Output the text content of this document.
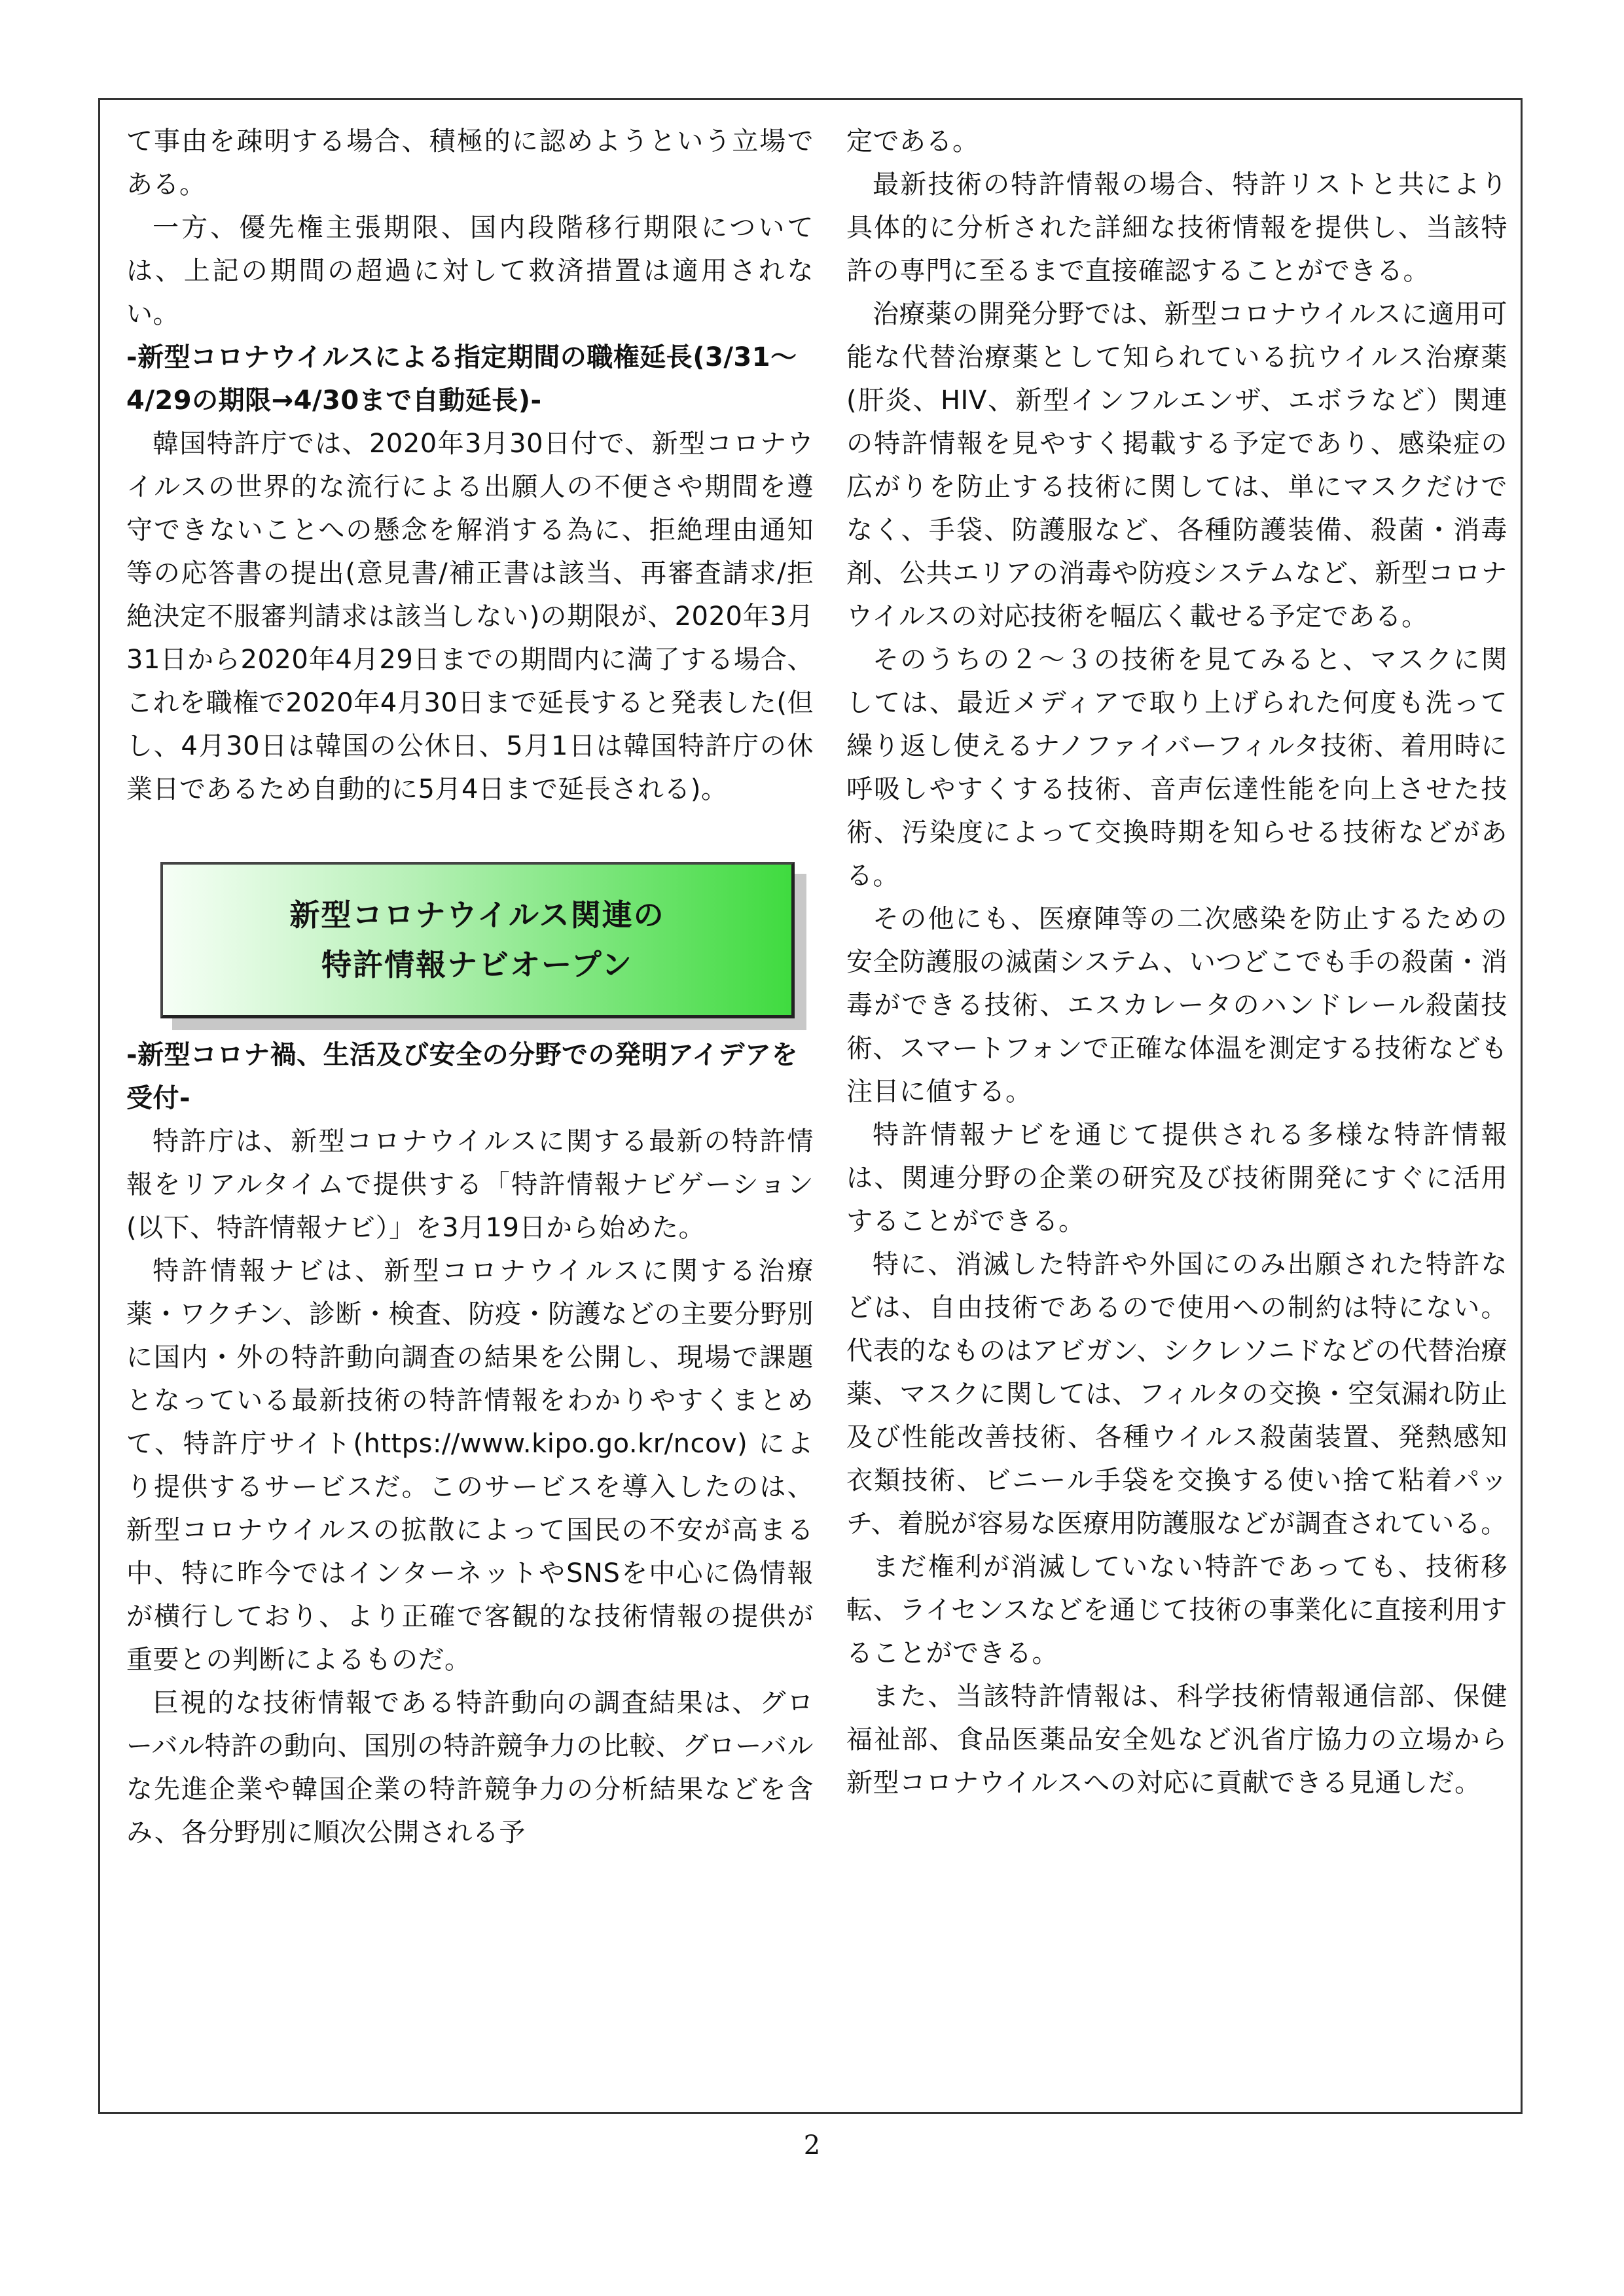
て事由を疎明する場合、積極的に認めようという立場である。

一方、優先権主張期限、国内段階移行期限については、上記の期間の超過に対して救済措置は適用されない。

-新型コロナウイルスによる指定期間の職権延長(3/31～4/29の期限→4/30まで自動延長)-

韓国特許庁では、2020年3月30日付で、新型コロナウイルスの世界的な流行による出願人の不便さや期間を遵守できないことへの懸念を解消する為に、拒絶理由通知等の応答書の提出(意見書/補正書は該当、再審査請求/拒絶決定不服審判請求は該当しない)の期限が、2020年3月31日から2020年4月29日までの期間内に満了する場合、これを職権で2020年4月30日まで延長すると発表した(但し、4月30日は韓国の公休日、5月1日は韓国特許庁の休業日であるため自動的に5月4日まで延長される)。

新型コロナウイルス関連の
特許情報ナビオープン
-新型コロナ禍、生活及び安全の分野での発明アイデアを受付-

特許庁は、新型コロナウイルスに関する最新の特許情報をリアルタイムで提供する「特許情報ナビゲーション(以下、特許情報ナビ）」を3月19日から始めた。

特許情報ナビは、新型コロナウイルスに関する治療薬・ワクチン、診断・検査、防疫・防護などの主要分野別に国内・外の特許動向調査の結果を公開し、現場で課題となっている最新技術の特許情報をわかりやすくまとめて、特許庁サイト(https://www.kipo.go.kr/ncov) により提供するサービスだ。このサービスを導入したのは、新型コロナウイルスの拡散によって国民の不安が高まる中、特に昨今ではインターネットやSNSを中心に偽情報が横行しており、より正確で客観的な技術情報の提供が重要との判断によるものだ。

巨視的な技術情報である特許動向の調査結果は、グローバル特許の動向、国別の特許競争力の比較、グローバルな先進企業や韓国企業の特許競争力の分析結果などを含み、各分野別に順次公開される予

定である。

最新技術の特許情報の場合、特許リストと共により具体的に分析された詳細な技術情報を提供し、当該特許の専門に至るまで直接確認することができる。

治療薬の開発分野では、新型コロナウイルスに適用可能な代替治療薬として知られている抗ウイルス治療薬(肝炎、HIV、新型インフルエンザ、エボラなど）関連の特許情報を見やすく掲載する予定であり、感染症の広がりを防止する技術に関しては、単にマスクだけでなく、手袋、防護服など、各種防護装備、殺菌・消毒剤、公共エリアの消毒や防疫システムなど、新型コロナウイルスの対応技術を幅広く載せる予定である。

そのうちの２～３の技術を見てみると、マスクに関しては、最近メディアで取り上げられた何度も洗って繰り返し使えるナノファイバーフィルタ技術、着用時に呼吸しやすくする技術、音声伝達性能を向上させた技術、汚染度によって交換時期を知らせる技術などがある。

その他にも、医療陣等の二次感染を防止するための安全防護服の滅菌システム、いつどこでも手の殺菌・消毒ができる技術、エスカレータのハンドレール殺菌技術、スマートフォンで正確な体温を測定する技術なども注目に値する。

特許情報ナビを通じて提供される多様な特許情報は、関連分野の企業の研究及び技術開発にすぐに活用することができる。

特に、消滅した特許や外国にのみ出願された特許などは、自由技術であるので使用への制約は特にない。代表的なものはアビガン、シクレソニドなどの代替治療薬、マスクに関しては、フィルタの交換・空気漏れ防止及び性能改善技術、各種ウイルス殺菌装置、発熱感知衣類技術、ビニール手袋を交換する使い捨て粘着パッチ、着脱が容易な医療用防護服などが調査されている。

まだ権利が消滅していない特許であっても、技術移転、ライセンスなどを通じて技術の事業化に直接利用することができる。

また、当該特許情報は、科学技術情報通信部、保健福祉部、食品医薬品安全処など汎省庁協力の立場から新型コロナウイルスへの対応に貢献できる見通しだ。

2
